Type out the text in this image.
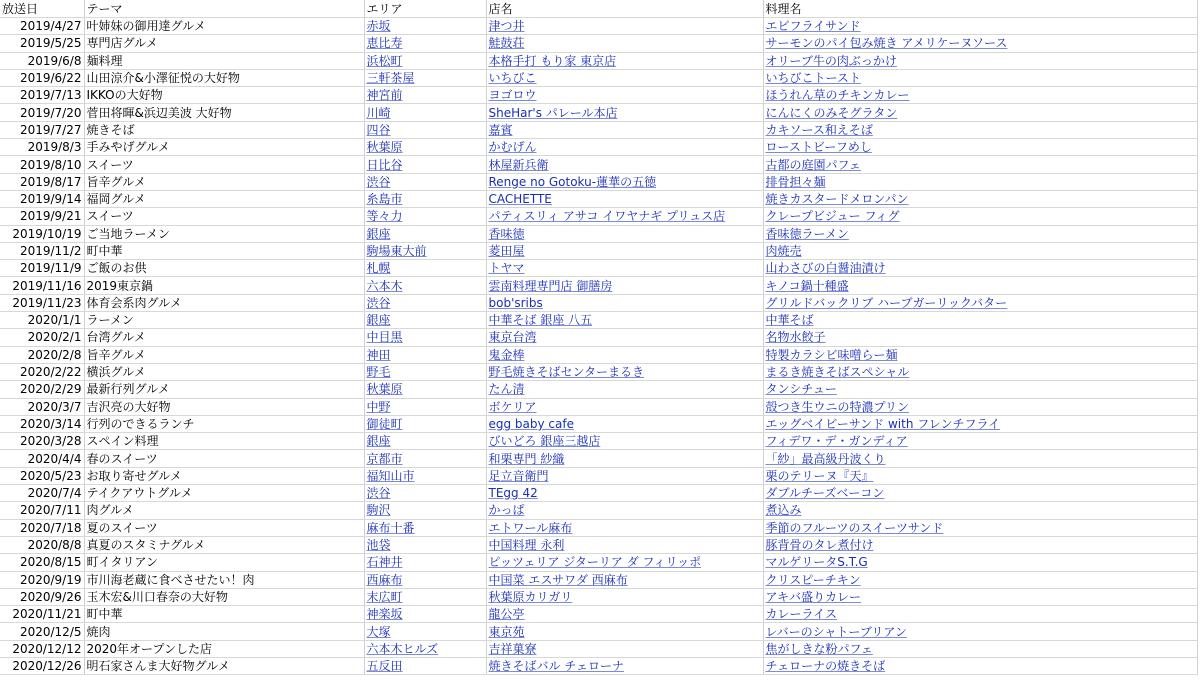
放送日	テーマ	エリア	店名	料理名
2019/4/27	叶姉妹の御用達グルメ	赤坂	津つ井	エビフライサンド
2019/5/25	専門店グルメ	恵比寿	鮭鼓荘	サーモンのパイ包み焼き アメリケーヌソース
2019/6/8	麺料理	浜松町	本格手打 もり家 東京店	オリーブ牛の肉ぶっかけ
2019/6/22	山田涼介&小澤征悦の大好物	三軒茶屋	いちびこ	いちびこトースト
2019/7/13	IKKOの大好物	神宮前	ヨゴロウ	ほうれん草のチキンカレー
2019/7/20	菅田将暉&浜辺美波 大好物	川崎	SheHar's パレール本店	にんにくのみそグラタン
2019/7/27	焼きそば	四谷	嘉賓	カキソース和えそば
2019/8/3	手みやげグルメ	秋葉原	かむげん	ローストビーフめし
2019/8/10	スイーツ	日比谷	林屋新兵衛	古都の庭園パフェ
2019/8/17	旨辛グルメ	渋谷	Renge no Gotoku-蓮華の五徳	排骨担々麺
2019/9/14	福岡グルメ	糸島市	CACHETTE	焼きカスタードメロンパン
2019/9/21	スイーツ	等々力	パティスリィ アサコ イワヤナギ プリュス店	クレープビジュー フィグ
2019/10/19	ご当地ラーメン	銀座	香味徳	香味徳ラーメン
2019/11/2	町中華	駒場東大前	菱田屋	肉焼売
2019/11/9	ご飯のお供	札幌	トヤマ	山わさびの白醤油漬け
2019/11/16	2019東京鍋	六本木	雲南料理専門店 御膳房	キノコ鍋十種盛
2019/11/23	体育会系肉グルメ	渋谷	bob'sribs	グリルドバックリブ ハーブガーリックバター
2020/1/1	ラーメン	銀座	中華そば 銀座 八五	中華そば
2020/2/1	台湾グルメ	中目黒	東京台湾	名物水餃子
2020/2/8	旨辛グルメ	神田	鬼金棒	特製カラシビ味噌らー麺
2020/2/22	横浜グルメ	野毛	野毛焼きそばセンターまるき	まるき焼きそばスペシャル
2020/2/29	最新行列グルメ	秋葉原	たん清	タンシチュー
2020/3/7	吉沢亮の大好物	中野	ボケリア	殻つき生ウニの特濃プリン
2020/3/14	行列のできるランチ	御徒町	egg baby cafe	エッグベイビーサンド with フレンチフライ
2020/3/28	スペイン料理	銀座	びいどろ 銀座三越店	フィデワ・デ・ガンディア
2020/4/4	春のスイーツ	京都市	和栗専門 紗織	「紗」最高級丹波くり
2020/5/23	お取り寄せグルメ	福知山市	足立音衛門	栗のテリーヌ『天』
2020/7/4	テイクアウトグルメ	渋谷	TEgg 42	ダブルチーズベーコン
2020/7/11	肉グルメ	駒沢	かっぱ	煮込み
2020/7/18	夏のスイーツ	麻布十番	エトワール麻布	季節のフルーツのスイーツサンド
2020/8/8	真夏のスタミナグルメ	池袋	中国料理 永利	豚背骨のタレ煮付け
2020/8/15	町イタリアン	石神井	ピッツェリア ジターリア ダ フィリッポ	マルゲリータS.T.G
2020/9/19	市川海老蔵に食べさせたい！肉	西麻布	中国菜 エスサワダ 西麻布	クリスピーチキン
2020/9/26	玉木宏&川口春奈の大好物	末広町	秋葉原カリガリ	アキバ盛りカレー
2020/11/21	町中華	神楽坂	龍公亭	カレーライス
2020/12/5	焼肉	大塚	東京苑	レバーのシャトーブリアン
2020/12/12	2020年オープンした店	六本木ヒルズ	吉祥菓寮	焦がしきな粉パフェ
2020/12/26	明石家さんま大好物グルメ	五反田	焼きそばバル チェローナ	チェローナの焼きそば
